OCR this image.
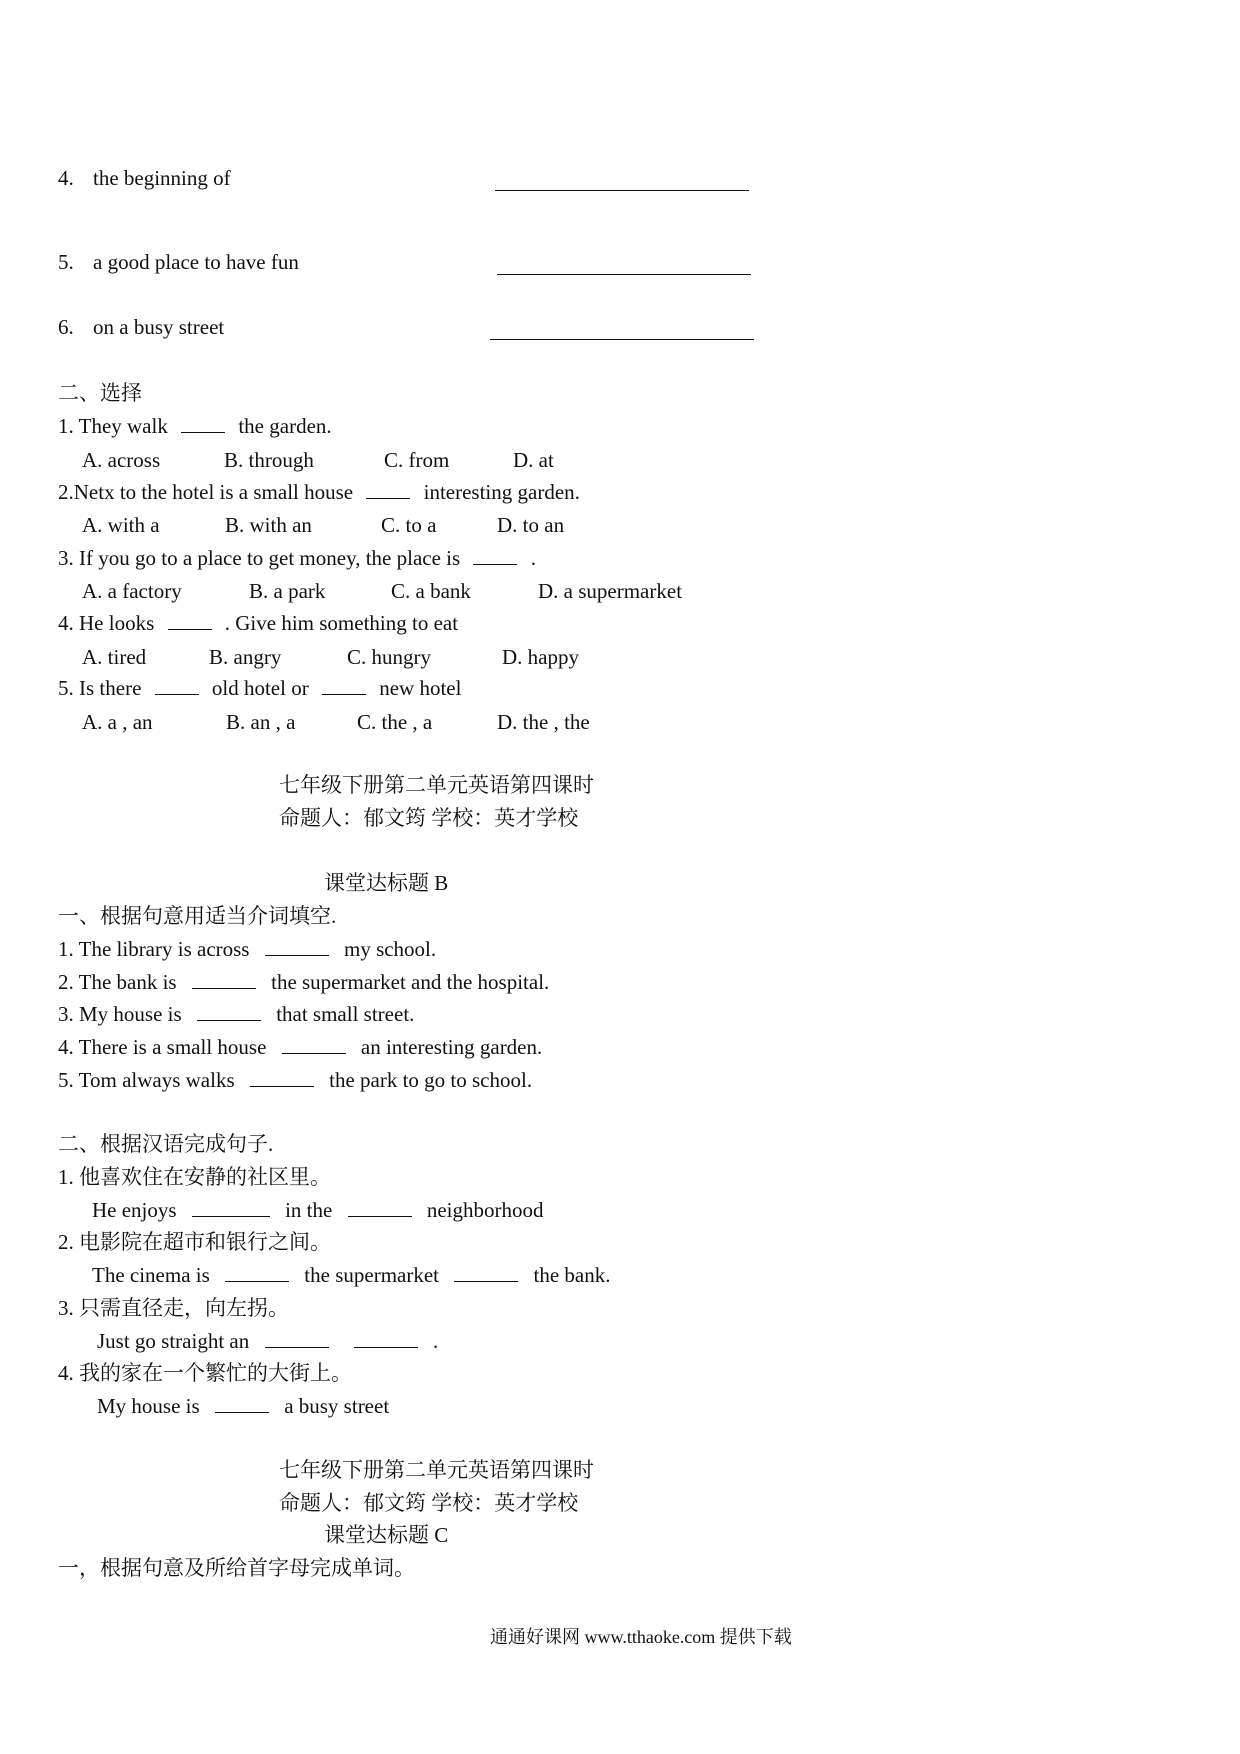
4. the beginning of
5. a good place to have fun
6. on a busy street
二、选择
1. They walk	the garden.
A. across	B. through	C. from	D. at
2.Netx to the hotel is a small house	interesting garden.
A. with a	B. with an	C. to a	D. to an
3. If you go to a place to get money, the place is	.
A. a factory	B. a park	C. a bank	D. a supermarket
4. He looks	. Give him something to eat
A. tired	B. angry	C. hungry	D. happy
5. Is there	old hotel or	new hotel
A. a , an	B. an , a	C. the , a	D. the , the
七年级下册第二单元英语第四课时
命题人：郁文筠 学校：英才学校
课堂达标题 B
一、根据句意用适当介词填空.
1. The library is across	my school.
2. The bank is	the supermarket and the hospital.
3. My house is	that small street.
4. There is a small house	an interesting garden.
5. Tom always walks	the park to go to school.
二、根据汉语完成句子.
1. 他喜欢住在安静的社区里。
He enjoys	in the	neighborhood
2. 电影院在超市和银行之间。
The cinema is	the supermarket	the bank.
3. 只需直径走，向左拐。
Just go straight an	.
4. 我的家在一个繁忙的大街上。
My house is	a busy street
七年级下册第二单元英语第四课时
命题人：郁文筠 学校：英才学校
课堂达标题 C
一，根据句意及所给首字母完成单词。
通通好课网 www.tthaoke.com 提供下载
